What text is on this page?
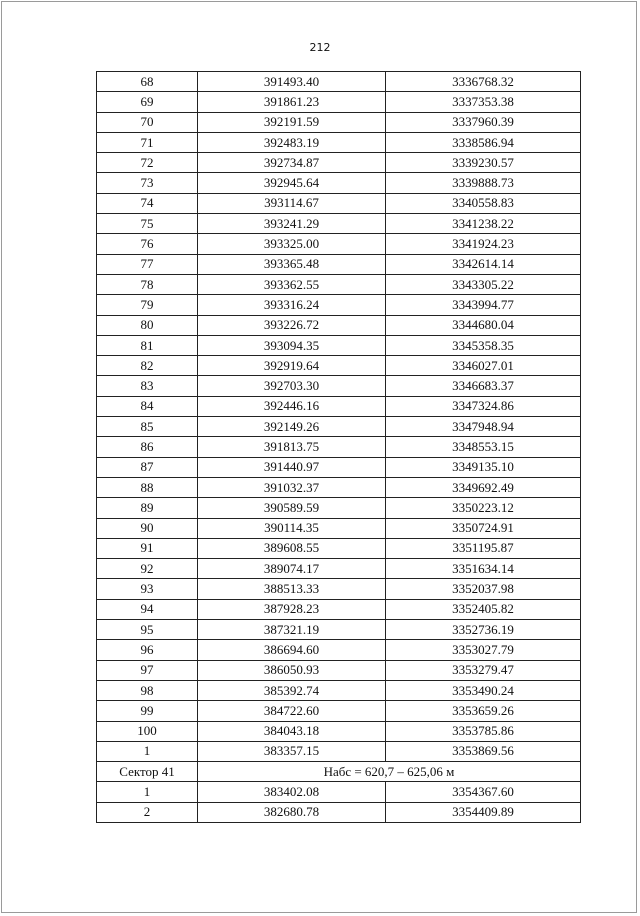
212
68	391493.40	3336768.32
69	391861.23	3337353.38
70	392191.59	3337960.39
71	392483.19	3338586.94
72	392734.87	3339230.57
73	392945.64	3339888.73
74	393114.67	3340558.83
75	393241.29	3341238.22
76	393325.00	3341924.23
77	393365.48	3342614.14
78	393362.55	3343305.22
79	393316.24	3343994.77
80	393226.72	3344680.04
81	393094.35	3345358.35
82	392919.64	3346027.01
83	392703.30	3346683.37
84	392446.16	3347324.86
85	392149.26	3347948.94
86	391813.75	3348553.15
87	391440.97	3349135.10
88	391032.37	3349692.49
89	390589.59	3350223.12
90	390114.35	3350724.91
91	389608.55	3351195.87
92	389074.17	3351634.14
93	388513.33	3352037.98
94	387928.23	3352405.82
95	387321.19	3352736.19
96	386694.60	3353027.79
97	386050.93	3353279.47
98	385392.74	3353490.24
99	384722.60	3353659.26
100	384043.18	3353785.86
1	383357.15	3353869.56
Сектор 41	Набс = 620,7 – 625,06 м	
1	383402.08	3354367.60
2	382680.78	3354409.89
